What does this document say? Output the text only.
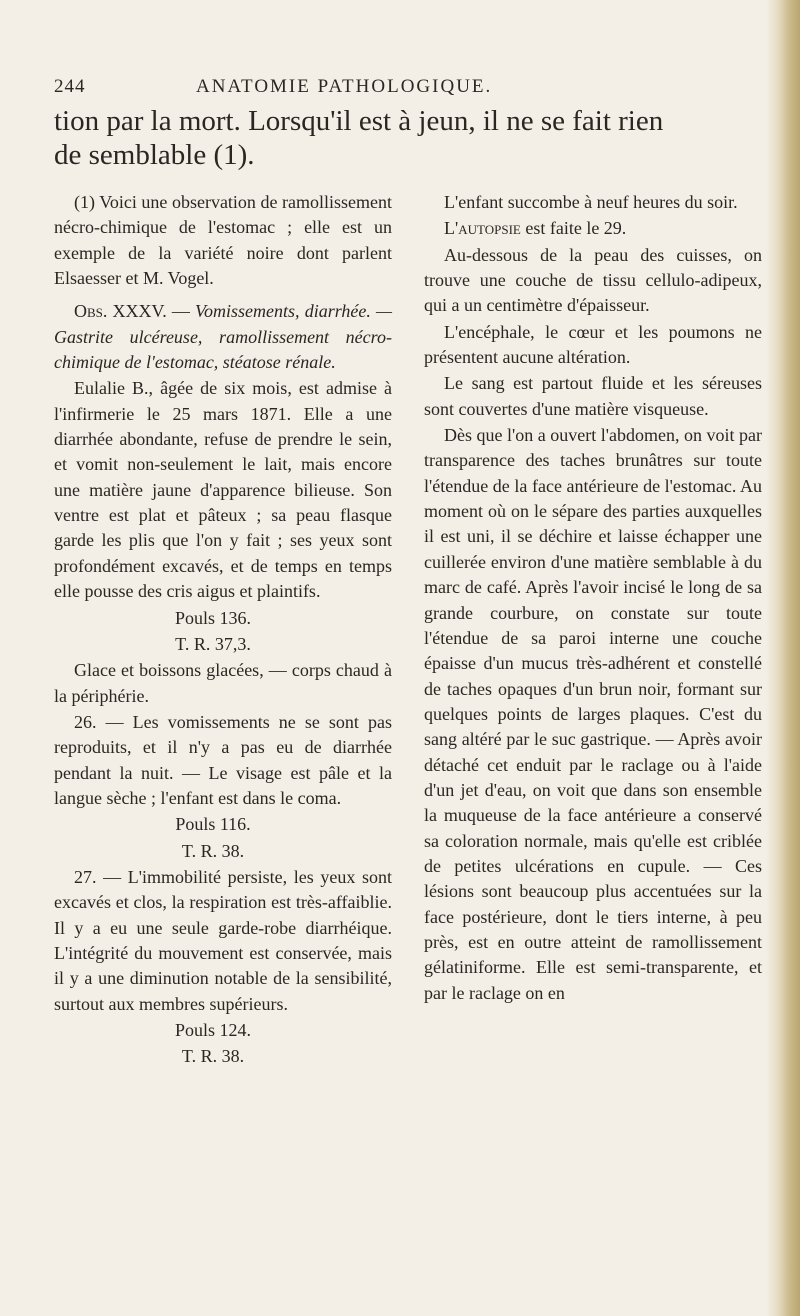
244	ANATOMIE PATHOLOGIQUE.

tion par la mort. Lorsqu'il est à jeun, il ne se fait rien

de semblable (1).

(1) Voici une observation de ramollissement nécro-chimique de l'estomac ; elle est un exemple de la variété noire dont parlent Elsaesser et M. Vogel.

Obs. XXXV. — Vomissements, diarrhée. — Gastrite ulcéreuse, ramollissement nécro-chimique de l'estomac, stéatose rénale.

Eulalie B., âgée de six mois, est admise à l'infirmerie le 25 mars 1871. Elle a une diarrhée abondante, refuse de prendre le sein, et vomit non-seulement le lait, mais encore une matière jaune d'apparence bilieuse. Son ventre est plat et pâteux ; sa peau flasque garde les plis que l'on y fait ; ses yeux sont profondément excavés, et de temps en temps elle pousse des cris aigus et plaintifs.

Pouls 136.

T. R. 37,3.

Glace et boissons glacées, — corps chaud à la périphérie.

26. — Les vomissements ne se sont pas reproduits, et il n'y a pas eu de diarrhée pendant la nuit. — Le visage est pâle et la langue sèche ; l'enfant est dans le coma.

Pouls 116.

T. R. 38.

27. — L'immobilité persiste, les yeux sont excavés et clos, la respiration est très-affaiblie. Il y a eu une seule garde-robe diarrhéique. L'intégrité du mouvement est conservée, mais il y a une diminution notable de la sensibilité, surtout aux membres supérieurs.

Pouls 124.

T. R. 38.

L'enfant succombe à neuf heures du soir.

L'autopsie est faite le 29.

Au-dessous de la peau des cuisses, on trouve une couche de tissu cellulo-adipeux, qui a un centimètre d'épaisseur.

L'encéphale, le cœur et les poumons ne présentent aucune altération.

Le sang est partout fluide et les séreuses sont couvertes d'une matière visqueuse.

Dès que l'on a ouvert l'abdomen, on voit par transparence des taches brunâtres sur toute l'étendue de la face antérieure de l'estomac. Au moment où on le sépare des parties auxquelles il est uni, il se déchire et laisse échapper une cuillerée environ d'une matière semblable à du marc de café. Après l'avoir incisé le long de sa grande courbure, on constate sur toute l'étendue de sa paroi interne une couche épaisse d'un mucus très-adhérent et constellé de taches opaques d'un brun noir, formant sur quelques points de larges plaques. C'est du sang altéré par le suc gastrique. — Après avoir détaché cet enduit par le raclage ou à l'aide d'un jet d'eau, on voit que dans son ensemble la muqueuse de la face antérieure a conservé sa coloration normale, mais qu'elle est criblée de petites ulcérations en cupule. — Ces lésions sont beaucoup plus accentuées sur la face postérieure, dont le tiers interne, à peu près, est en outre atteint de ramollissement gélatiniforme. Elle est semi-transparente, et par le raclage on en
